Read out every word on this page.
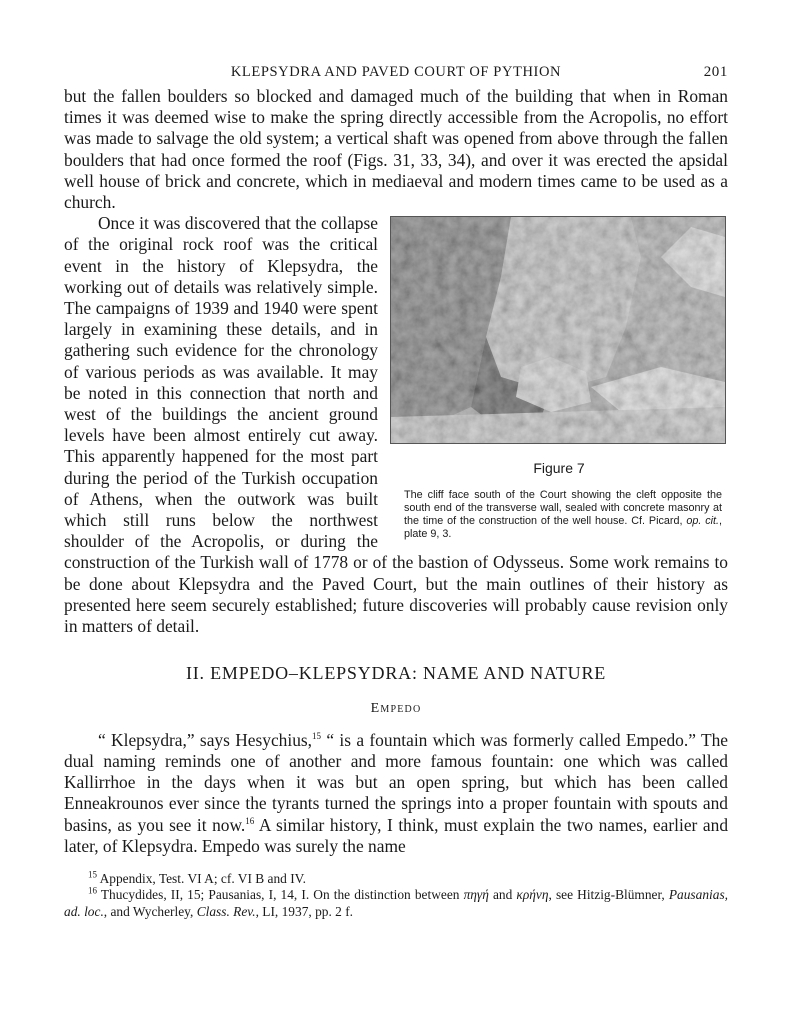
KLEPSYDRA AND PAVED COURT OF PYTHION	201

but the fallen boulders so blocked and damaged much of the building that when in Roman times it was deemed wise to make the spring directly accessible from the Acropolis, no effort was made to salvage the old system; a vertical shaft was opened from above through the fallen boulders that had once formed the roof (Figs. 31, 33, 34), and over it was erected the apsidal well house of brick and concrete, which in mediaeval and modern times came to be used as a church.

Figure 7
The cliff face south of the Court showing the cleft opposite the south end of the transverse wall, sealed with concrete masonry at the time of the construction of the well house. Cf. Picard, op. cit., plate 9, 3.

Once it was discovered that the collapse of the original rock roof was the critical event in the history of Klepsydra, the working out of details was relatively simple. The campaigns of 1939 and 1940 were spent largely in examining these details, and in gathering such evidence for the chronology of various periods as was available. It may be noted in this connection that north and west of the buildings the ancient ground levels have been almost entirely cut away. This apparently happened for the most part during the period of the Turkish occupation of Athens, when the outwork was built which still runs below the northwest shoulder of the Acropolis, or during the construction of the Turkish wall of 1778 or of the bastion of Odysseus. Some work remains to be done about Klepsydra and the Paved Court, but the main outlines of their history as presented here seem securely established; future discoveries will probably cause revision only in matters of detail.

II. EMPEDO–KLEPSYDRA: NAME AND NATURE
Empedo

“ Klepsydra,” says Hesychius,$^{15}$ “ is a fountain which was formerly called Empedo.” The dual naming reminds one of another and more famous fountain: one which was called Kallirrhoe in the days when it was but an open spring, but which has been called Enneakrounos ever since the tyrants turned the springs into a proper fountain with spouts and basins, as you see it now.$^{16}$ A similar history, I think, must explain the two names, earlier and later, of Klepsydra. Empedo was surely the name

$^{15}$ Appendix, Test. VI A; cf. VI B and IV.

$^{16}$ Thucydides, II, 15; Pausanias, I, 14, I. On the distinction between πηγή and κρήνη, see Hitzig-Blümner, Pausanias, ad. loc., and Wycherley, Class. Rev., LI, 1937, pp. 2 f.
